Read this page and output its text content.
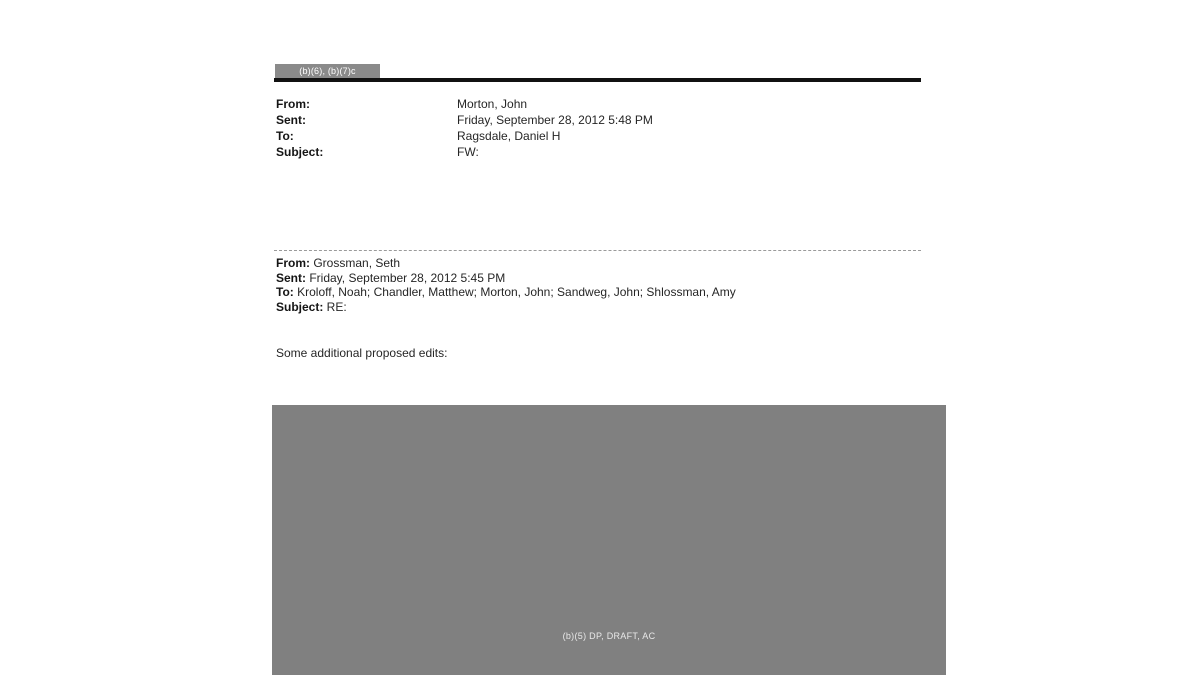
(b)(6), (b)(7)c
From:	Morton, John
Sent:	Friday, September 28, 2012 5:48 PM
To:	Ragsdale, Daniel H
Subject:	FW:
From: Grossman, Seth
Sent: Friday, September 28, 2012 5:45 PM
To: Kroloff, Noah; Chandler, Matthew; Morton, John; Sandweg, John; Shlossman, Amy
Subject: RE:
Some additional proposed edits:
(b)(5) DP, DRAFT, AC
